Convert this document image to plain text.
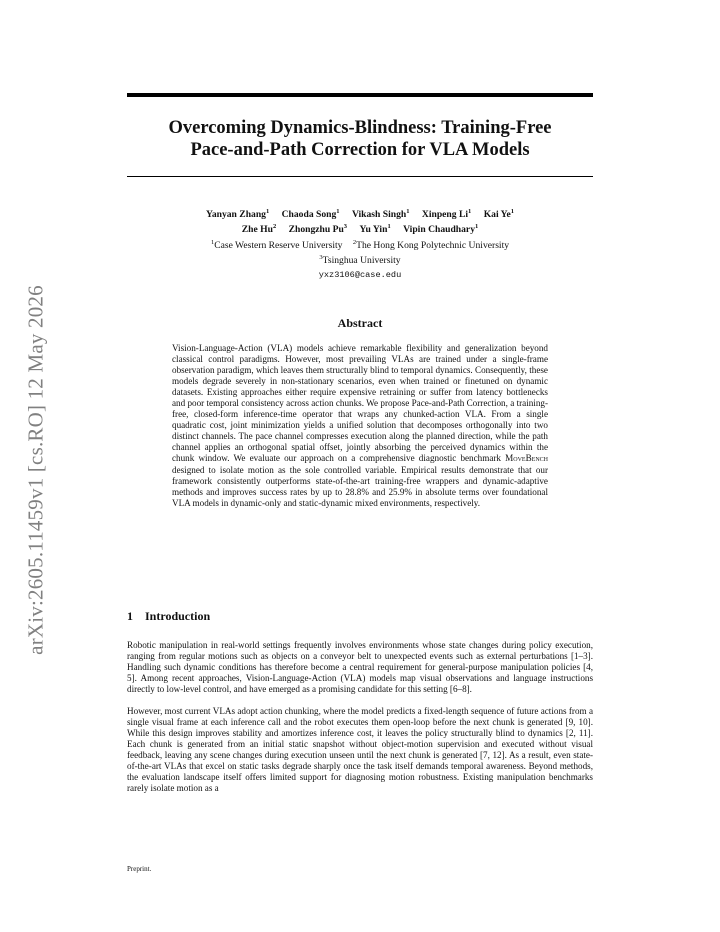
arXiv:2605.11459v1 [cs.RO] 12 May 2026
Overcoming Dynamics-Blindness: Training-Free
Pace-and-Path Correction for VLA Models
Yanyan Zhang$^1$ Chaoda Song$^1$ Vikash Singh$^1$ Xinpeng Li$^1$ Kai Ye$^1$
Zhe Hu$^2$ Zhongzhu Pu$^3$ Yu Yin$^1$ Vipin Chaudhary$^1$
$^1$Case Western Reserve University $^2$The Hong Kong Polytechnic University
$^3$Tsinghua University
yxz3106@case.edu
Abstract

Vision-Language-Action (VLA) models achieve remarkable flexibility and generalization beyond classical control paradigms. However, most prevailing VLAs are trained under a single-frame observation paradigm, which leaves them structurally blind to temporal dynamics. Consequently, these models degrade severely in non-stationary scenarios, even when trained or finetuned on dynamic datasets. Existing approaches either require expensive retraining or suffer from latency bottlenecks and poor temporal consistency across action chunks. We propose Pace-and-Path Correction, a training-free, closed-form inference-time operator that wraps any chunked-action VLA. From a single quadratic cost, joint minimization yields a unified solution that decomposes orthogonally into two distinct channels. The pace channel compresses execution along the planned direction, while the path channel applies an orthogonal spatial offset, jointly absorbing the perceived dynamics within the chunk window. We evaluate our approach on a comprehensive diagnostic benchmark MoveBench designed to isolate motion as the sole controlled variable. Empirical results demonstrate that our framework consistently outperforms state-of-the-art training-free wrappers and dynamic-adaptive methods and improves success rates by up to 28.8% and 25.9% in absolute terms over foundational VLA models in dynamic-only and static-dynamic mixed environments, respectively.

1 Introduction

Robotic manipulation in real-world settings frequently involves environments whose state changes during policy execution, ranging from regular motions such as objects on a conveyor belt to unexpected events such as external perturbations [1–3]. Handling such dynamic conditions has therefore become a central requirement for general-purpose manipulation policies [4, 5]. Among recent approaches, Vision-Language-Action (VLA) models map visual observations and language instructions directly to low-level control, and have emerged as a promising candidate for this setting [6–8].

However, most current VLAs adopt action chunking, where the model predicts a fixed-length sequence of future actions from a single visual frame at each inference call and the robot executes them open-loop before the next chunk is generated [9, 10]. While this design improves stability and amortizes inference cost, it leaves the policy structurally blind to dynamics [2, 11]. Each chunk is generated from an initial static snapshot without object-motion supervision and executed without visual feedback, leaving any scene changes during execution unseen until the next chunk is generated [7, 12]. As a result, even state-of-the-art VLAs that excel on static tasks degrade sharply once the task itself demands temporal awareness. Beyond methods, the evaluation landscape itself offers limited support for diagnosing motion robustness. Existing manipulation benchmarks rarely isolate motion as a

Preprint.
